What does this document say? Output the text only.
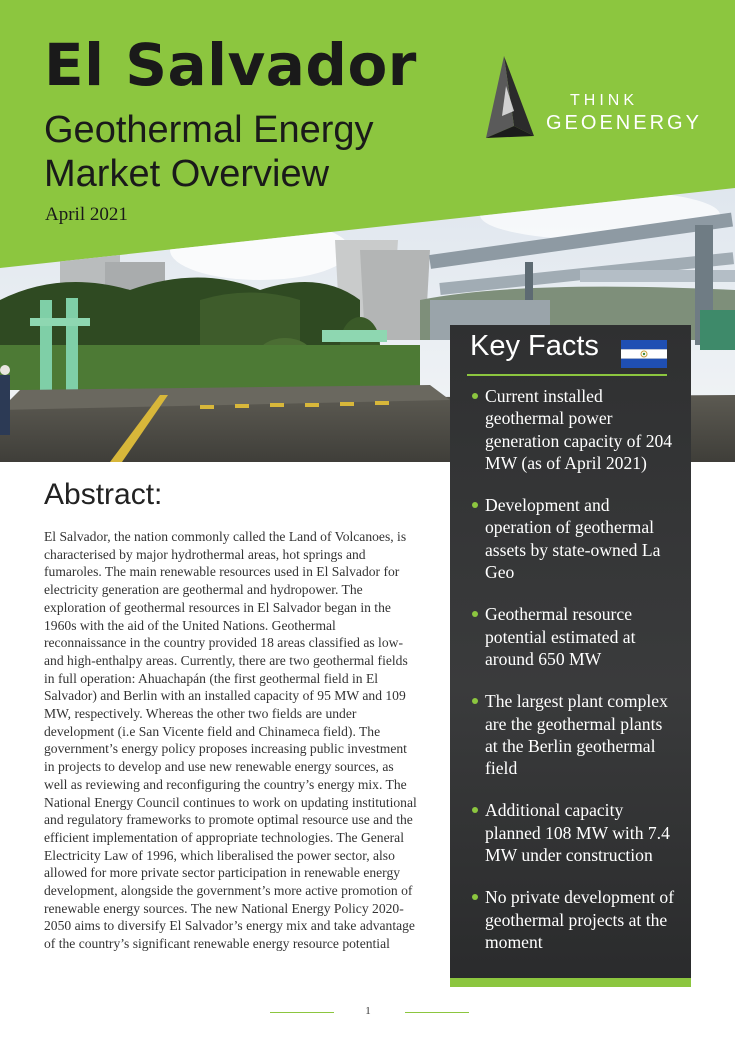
El Salvador
Geothermal Energy
Market Overview
April 2021
THINK
GEOENERGY
Abstract:

El Salvador, the nation commonly called the Land of Volcanoes, is characterised by major hydrothermal areas, hot springs and fumaroles. The main renewable resources used in El Salvador for electricity generation are geothermal and hydropower. The exploration of geothermal resources in El Salvador began in the 1960s with the aid of the United Nations. Geothermal reconnaissance in the country provided 18 areas classified as low- and high-enthalpy areas. Currently, there are two geothermal fields in full operation: Ahuachapán (the first geothermal field in El Salvador) and Berlin with an installed capacity of 95 MW and 109 MW, respectively. Whereas the other two fields are under development (i.e San Vicente field and Chinameca field). The government’s energy policy proposes increasing public investment in projects to develop and use new renewable energy sources, as well as reviewing and reconfiguring the country’s energy mix. The National Energy Council continues to work on updating institutional and regulatory frameworks to promote optimal resource use and the efficient implementation of appropriate technologies. The General Electricity Law of 1996, which liberalised the power sector, also allowed for more private sector participation in renewable energy development, alongside the government’s more active promotion of renewable energy sources. The new National Energy Policy 2020-2050 aims to diversify El Salvador’s energy mix and take advantage of the country’s significant renewable energy resource potential

Key Facts
Current installed geothermal power generation capacity of 204 MW (as of April 2021)
Development and operation of geothermal assets by state-owned La Geo
Geothermal resource potential estimated at around 650 MW
The largest plant complex are the geothermal plants at the Berlin geothermal field
Additional capacity planned 108 MW with 7.4 MW under construction
No private development of geothermal projects at the moment
1
